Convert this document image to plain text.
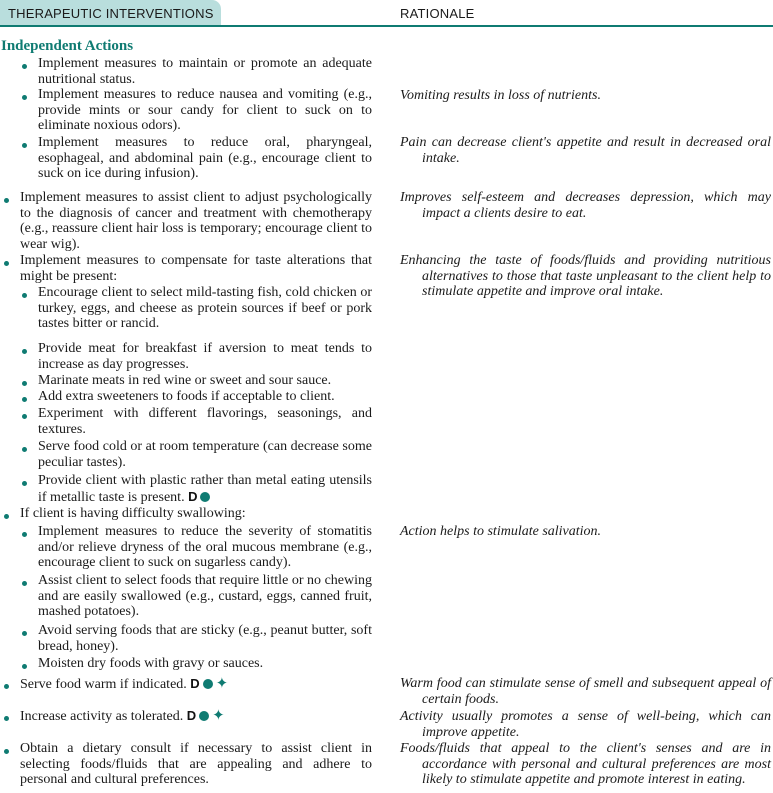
THERAPEUTIC INTERVENTIONS	RATIONALE
Independent Actions
Implement measures to maintain or promote an adequate nutritional status.
Implement measures to reduce nausea and vomiting (e.g., provide mints or sour candy for client to suck on to eliminate noxious odors).
Implement measures to reduce oral, pharyngeal, esophageal, and abdominal pain (e.g., encourage client to suck on ice during infusion).
Implement measures to assist client to adjust psychologically to the diagnosis of cancer and treatment with chemotherapy (e.g., reassure client hair loss is temporary; encourage client to wear wig).
Implement measures to compensate for taste alterations that might be present:
Encourage client to select mild-tasting fish, cold chicken or turkey, eggs, and cheese as protein sources if beef or pork tastes bitter or rancid.
Provide meat for breakfast if aversion to meat tends to increase as day progresses.
Marinate meats in red wine or sweet and sour sauce.
Add extra sweeteners to foods if acceptable to client.
Experiment with different flavorings, seasonings, and textures.
Serve food cold or at room temperature (can decrease some peculiar tastes).
Provide client with plastic rather than metal eating utensils if metallic taste is present. D
If client is having difficulty swallowing:
Implement measures to reduce the severity of stomatitis and/or relieve dryness of the oral mucous membrane (e.g., encourage client to suck on sugarless candy).
Assist client to select foods that require little or no chewing and are easily swallowed (e.g., custard, eggs, canned fruit, mashed potatoes).
Avoid serving foods that are sticky (e.g., peanut butter, soft bread, honey).
Moisten dry foods with gravy or sauces.
Serve food warm if indicated. D ✦
Increase activity as tolerated. D ✦
Obtain a dietary consult if necessary to assist client in selecting foods/fluids that are appealing and adhere to personal and cultural preferences.
Vomiting results in loss of nutrients.
Pain can decrease client's appetite and result in decreased oral intake.
Improves self-esteem and decreases depression, which may impact a clients desire to eat.
Enhancing the taste of foods/fluids and providing nutritious alternatives to those that taste unpleasant to the client help to stimulate appetite and improve oral intake.
Action helps to stimulate salivation.
Warm food can stimulate sense of smell and subsequent appeal of certain foods.
Activity usually promotes a sense of well-being, which can improve appetite.
Foods/fluids that appeal to the client's senses and are in accordance with personal and cultural preferences are most likely to stimulate appetite and promote interest in eating.
